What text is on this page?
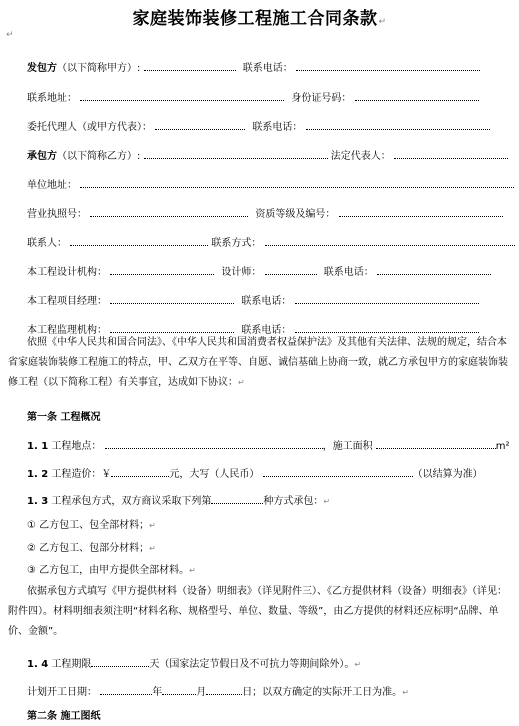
家庭装饰装修工程施工合同条款↵
↵
发包方（以下简称甲方）:	联系电话：
联系地址：	身份证号码：
委托代理人（或甲方代表）：	联系电话：
承包方（以下简称乙方）:	法定代表人：
单位地址：
营业执照号：	资质等级及编号：
联系人：	联系方式：
本工程设计机构：	设计师：	联系电话：
本工程项目经理：	联系电话：
本工程监理机构：	联系电话：
依照《中华人民共和国合同法》、《中华人民共和国消费者权益保护法》及其他有关法律、法规的规定，结合本省家庭装饰装修工程施工的特点，甲、乙双方在平等、自愿、诚信基础上协商一致，就乙方承包甲方的家庭装饰装修工程（以下简称工程）有关事宜，达成如下协议：↵
第一条 工程概况
1. 1 工程地点：	，施工面积	m²
1. 2 工程造价：￥	元，大写（人民币）	（以结算为准）
1. 3 工程承包方式，双方商议采取下列第	种方式承包：↵
① 乙方包工、包全部材料；↵
② 乙方包工、包部分材料；↵
③ 乙方包工，由甲方提供全部材料。↵
依据承包方式填写《甲方提供材料（设备）明细表》（详见附件三）、《乙方提供材料（设备）明细表》（详见：附件四）。材料明细表须注明“材料名称、规格型号、单位、数量、等级”，由乙方提供的材料还应标明“品牌、单价、金额”。
1. 4 工程期限	天（国家法定节假日及不可抗力等期间除外）。↵
计划开工日期：	年	月	日；以双方确定的实际开工日为准。↵
第二条 施工图纸
